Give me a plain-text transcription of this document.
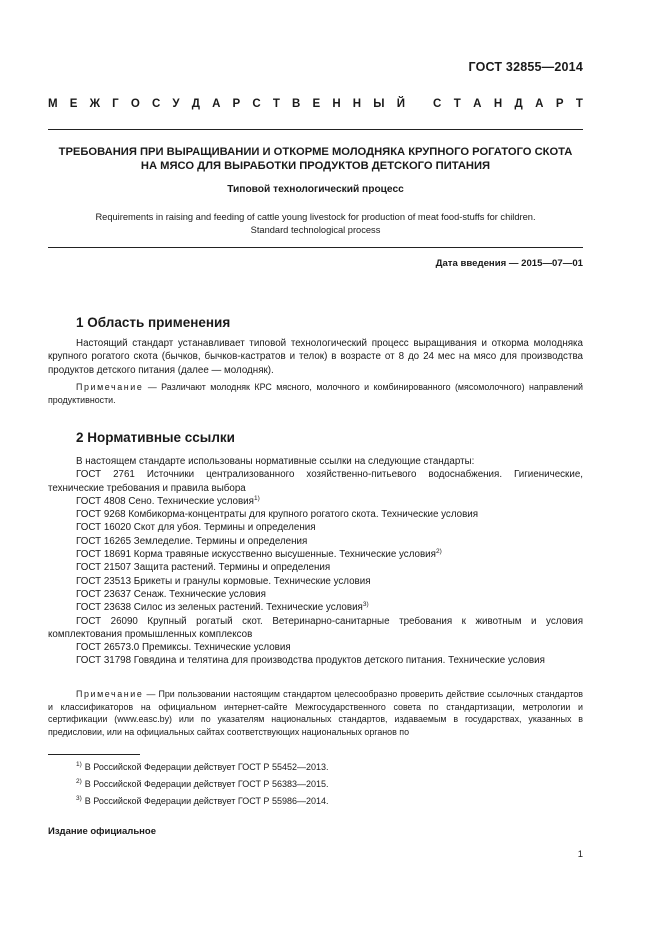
ГОСТ 32855—2014
М Е Ж Г О С У Д А Р С Т В Е Н Н Ы Й С Т А Н Д А Р Т
ТРЕБОВАНИЯ ПРИ ВЫРАЩИВАНИИ И ОТКОРМЕ МОЛОДНЯКА КРУПНОГО РОГАТОГО СКОТА
НА МЯСО ДЛЯ ВЫРАБОТКИ ПРОДУКТОВ ДЕТСКОГО ПИТАНИЯ
Типовой технологический процесс
Requirements in raising and feeding of cattle young livestock for production of meat food-stuffs for children.
Standard technological process
Дата введения — 2015—07—01
1 Область применения
Настоящий стандарт устанавливает типовой технологический процесс выращивания и откорма молодняка крупного рогатого скота (бычков, бычков-кастратов и телок) в возрасте от 8 до 24 мес на мясо для производства продуктов детского питания (далее — молодняк).
Примечание — Различают молодняк КРС мясного, молочного и комбинированного (мясомолочного) направлений продуктивности.
2 Нормативные ссылки
В настоящем стандарте использованы нормативные ссылки на следующие стандарты:
ГОСТ 2761 Источники централизованного хозяйственно-питьевого водоснабжения. Гигиенические, технические требования и правила выбора
ГОСТ 4808 Сено. Технические условия$^{1)}$
ГОСТ 9268 Комбикорма-концентраты для крупного рогатого скота. Технические условия
ГОСТ 16020 Скот для убоя. Термины и определения
ГОСТ 16265 Земледелие. Термины и определения
ГОСТ 18691 Корма травяные искусственно высушенные. Технические условия$^{2)}$
ГОСТ 21507 Защита растений. Термины и определения
ГОСТ 23513 Брикеты и гранулы кормовые. Технические условия
ГОСТ 23637 Сенаж. Технические условия
ГОСТ 23638 Силос из зеленых растений. Технические условия$^{3)}$
ГОСТ 26090 Крупный рогатый скот. Ветеринарно-санитарные требования к животным и условия комплектования промышленных комплексов
ГОСТ 26573.0 Премиксы. Технические условия
ГОСТ 31798 Говядина и телятина для производства продуктов детского питания. Технические условия
Примечание — При пользовании настоящим стандартом целесообразно проверить действие ссылочных стандартов и классификаторов на официальном интернет-сайте Межгосударственного совета по стандартизации, метрологии и сертификации (www.easc.by) или по указателям национальных стандартов, издаваемым в государствах, указанных в предисловии, или на официальных сайтах соответствующих национальных органов по
$^{1)}$ В Российской Федерации действует ГОСТ Р 55452—2013.
$^{2)}$ В Российской Федерации действует ГОСТ Р 56383—2015.
$^{3)}$ В Российской Федерации действует ГОСТ Р 55986—2014.
Издание официальное
1
